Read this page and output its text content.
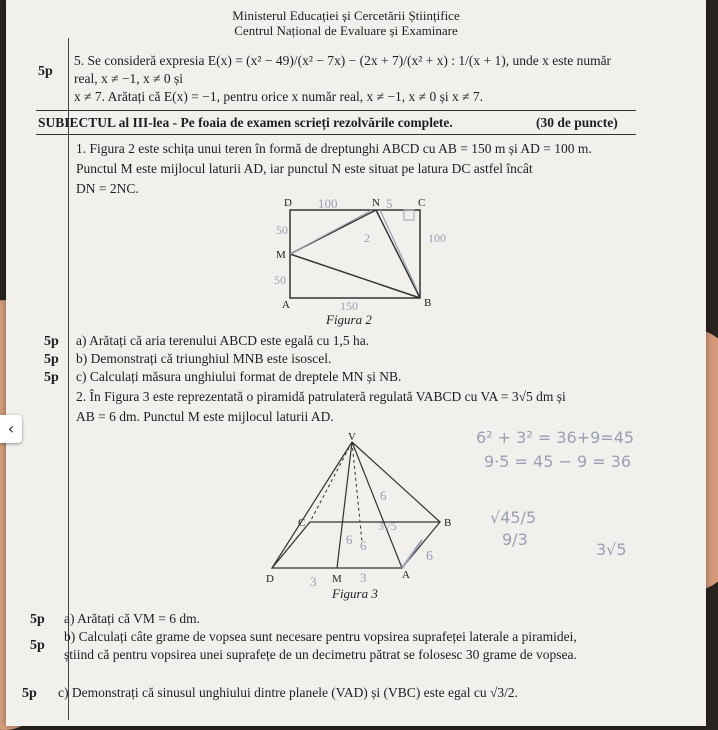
Ministerul Educației și Cercetării Științifice
Centrul Național de Evaluare și Examinare
5p
5. Se consideră expresia E(x) = (x² − 49)/(x² − 7x) − (2x + 7)/(x² + x) : 1/(x + 1), unde x este număr real, x ≠ −1, x ≠ 0 și
x ≠ 7. Arătați că E(x) = −1, pentru orice x număr real, x ≠ −1, x ≠ 0 și x ≠ 7.
SUBIECTUL al III-lea - Pe foaia de examen scrieți rezolvările complete.	(30 de puncte)
1. Figura 2 este schița unui teren în formă de dreptunghi ABCD cu AB = 150 m și AD = 100 m.
Punctul M este mijlocul laturii AD, iar punctul N este situat pe latura DC astfel încât
DN = 2NC.
D	N	C
M
A	B
100	5
50
50
100
150
2
Figura 2
5p a) Arătați că aria terenului ABCD este egală cu 1,5 ha.
5p b) Demonstrați că triunghiul MNB este isoscel.
5p c) Calculați măsura unghiului format de dreptele MN și NB.
2. În Figura 3 este reprezentată o piramidă patrulateră regulată VABCD cu VA = 3√5 dm și
AB = 6 dm. Punctul M este mijlocul laturii AD.
V
C	B
D	M	A
6
6 6
3√5
3	3
6
Figura 3
6² + 3² = 36+9=45
9·5 = 45 − 9 = 36
√45/5
9/3
3√5
5p a) Arătați că VM = 6 dm.
5p
b) Calculați câte grame de vopsea sunt necesare pentru vopsirea suprafeței laterale a piramidei,
știind că pentru vopsirea unei suprafețe de un decimetru pătrat se folosesc 30 grame de vopsea.
5p c) Demonstrați că sinusul unghiului dintre planele (VAD) și (VBC) este egal cu √3/2.
‹
